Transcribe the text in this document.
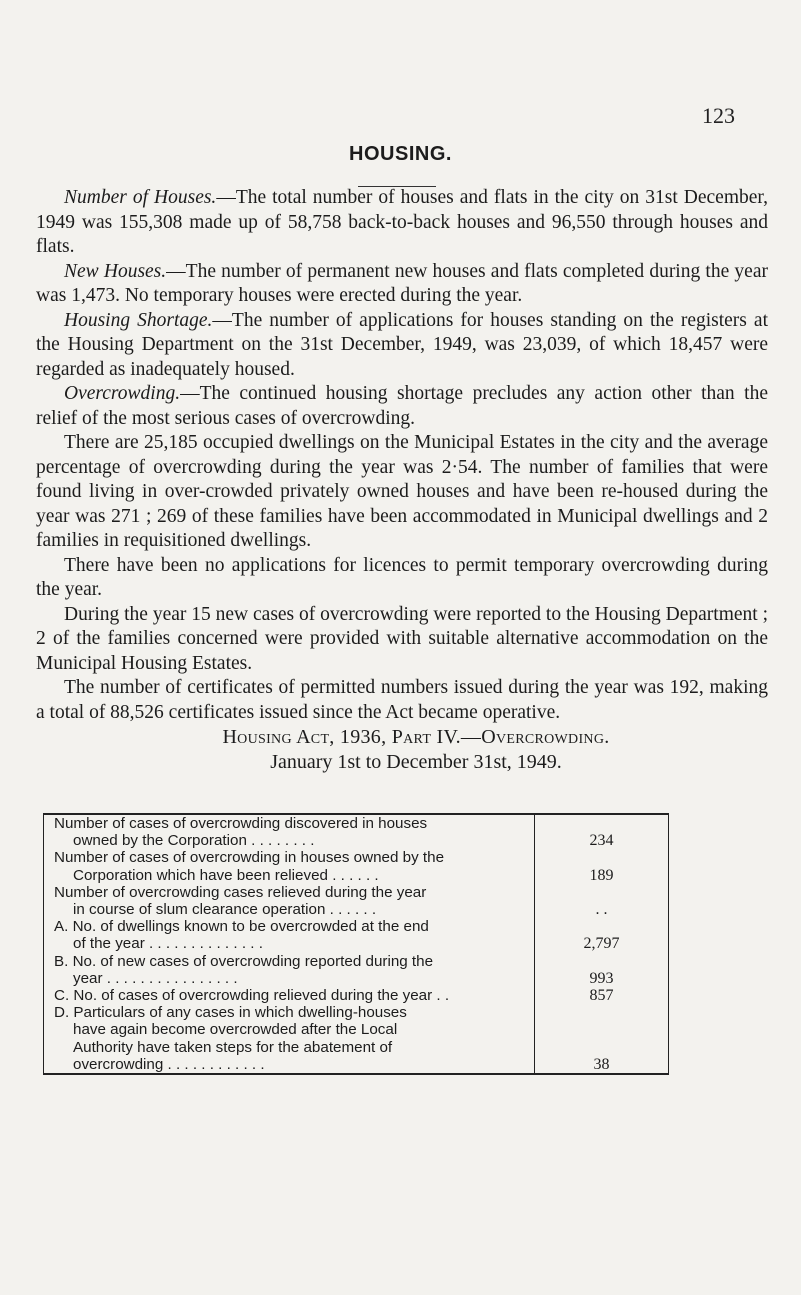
123
HOUSING.

Number of Houses.—The total number of houses and flats in the city on 31st December, 1949 was 155,308 made up of 58,758 back-to-back houses and 96,550 through houses and flats.

New Houses.—The number of permanent new houses and flats completed during the year was 1,473. No temporary houses were erected during the year.

Housing Shortage.—The number of applications for houses standing on the registers at the Housing Department on the 31st December, 1949, was 23,039, of which 18,457 were regarded as inadequately housed.

Overcrowding.—The continued housing shortage precludes any action other than the relief of the most serious cases of overcrowding.

There are 25,185 occupied dwellings on the Municipal Estates in the city and the average percentage of overcrowding during the year was 2·54. The number of families that were found living in over-crowded privately owned houses and have been re-housed during the year was 271 ; 269 of these families have been accommodated in Municipal dwellings and 2 families in requisitioned dwellings.

There have been no applications for licences to permit temporary overcrowding during the year.

During the year 15 new cases of overcrowding were reported to the Housing Department ; 2 of the families concerned were provided with suitable alternative accommodation on the Municipal Housing Estates.

The number of certificates of permitted numbers issued during the year was 192, making a total of 88,526 certificates issued since the Act became operative.

Housing Act, 1936, Part IV.—Overcrowding.

January 1st to December 31st, 1949.

Number of cases of overcrowding discovered in houses
owned by the Corporation . . . . . . . .	234
Number of cases of overcrowding in houses owned by the
Corporation which have been relieved . . . . . .	189
Number of overcrowding cases relieved during the year
in course of slum clearance operation . . . . . .	. .
A. No. of dwellings known to be overcrowded at the end
of the year . . . . . . . . . . . . . .	2,797
B. No. of new cases of overcrowding reported during the
year . . . . . . . . . . . . . . . .	993
C. No. of cases of overcrowding relieved during the year . .	857
D. Particulars of any cases in which dwelling-houses
have again become overcrowded after the Local
Authority have taken steps for the abatement of
overcrowding . . . . . . . . . . . .	38
